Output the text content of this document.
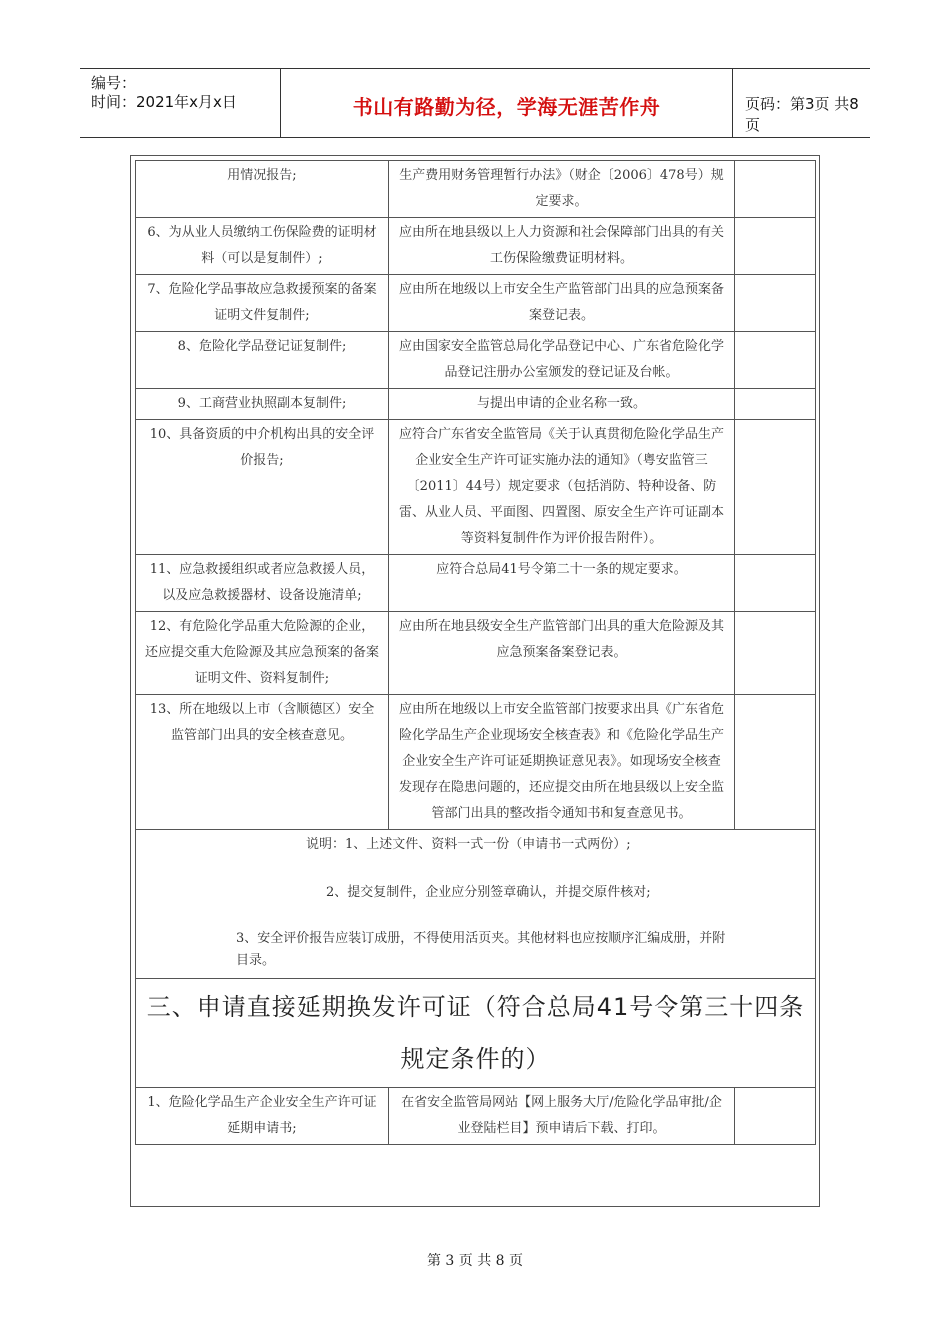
编号：
时间：2021年x月x日	书山有路勤为径，学海无涯苦作舟	页码：第3页 共8页
用情况报告;	生产费用财务管理暂行办法》（财企〔2006〕478号）规定要求。	
6、为从业人员缴纳工伤保险费的证明材料（可以是复制件）;	应由所在地县级以上人力资源和社会保障部门出具的有关工伤保险缴费证明材料。	
7、危险化学品事故应急救援预案的备案证明文件复制件;	应由所在地级以上市安全生产监管部门出具的应急预案备案登记表。	
8、危险化学品登记证复制件;	应由国家安全监管总局化学品登记中心、广东省危险化学品登记注册办公室颁发的登记证及台帐。	
9、工商营业执照副本复制件;	与提出申请的企业名称一致。	
10、具备资质的中介机构出具的安全评价报告;	应符合广东省安全监管局《关于认真贯彻危险化学品生产企业安全生产许可证实施办法的通知》（粤安监管三〔2011〕44号）规定要求（包括消防、特种设备、防雷、从业人员、平面图、四置图、原安全生产许可证副本等资料复制件作为评价报告附件）。	
11、应急救援组织或者应急救援人员，以及应急救援器材、设备设施清单;	应符合总局41号令第二十一条的规定要求。	
12、有危险化学品重大危险源的企业，还应提交重大危险源及其应急预案的备案证明文件、资料复制件;	应由所在地县级安全生产监管部门出具的重大危险源及其应急预案备案登记表。	
13、所在地级以上市（含顺德区）安全监管部门出具的安全核查意见。	应由所在地级以上市安全监管部门按要求出具《广东省危险化学品生产企业现场安全核查表》和《危险化学品生产企业安全生产许可证延期换证意见表》。如现场安全核查发现存在隐患问题的，还应提交由所在地县级以上安全监管部门出具的整改指令通知书和复查意见书。	

说明：1、上述文件、资料一式一份（申请书一式两份）;
2、提交复制件，企业应分别签章确认，并提交原件核对;
3、安全评价报告应装订成册，不得使用活页夹。其他材料也应按顺序汇编成册，并附
目录。		

三、申请直接延期换发许可证（符合总局41号令第三十四条规定条件的）		
1、危险化学品生产企业安全生产许可证延期申请书;	在省安全监管局网站【网上服务大厅/危险化学品审批/企业登陆栏目】预申请后下载、打印。	
第 3 页 共 8 页
